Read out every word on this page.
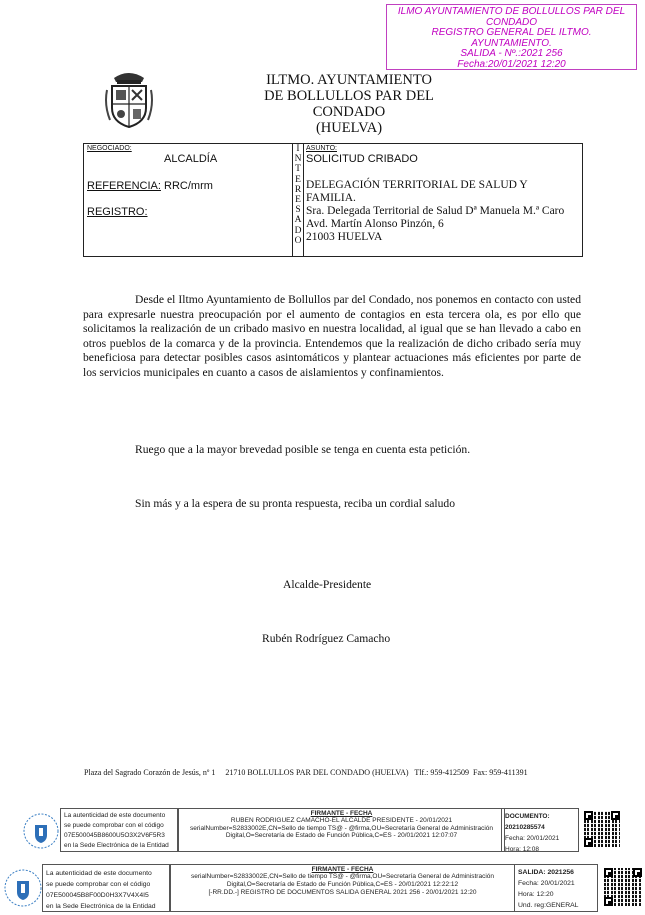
ILMO AYUNTAMIENTO DE BOLLULLOS PAR DEL
CONDADO
REGISTRO GENERAL DEL ILTMO.
AYUNTAMIENTO.
SALIDA - Nº.:2021 256
Fecha:20/01/2021 12:20
ILTMO. AYUNTAMIENTO
DE BOLLULLOS PAR DEL CONDADO
(HUELVA)
NEGOCIADO:
ALCALDÍA
REFERENCIA: RRC/mrm
REGISTRO:
I
N
T
E
R
E
S
A
D
O
ASUNTO:
SOLICITUD CRIBADO
DELEGACIÓN TERRITORIAL DE SALUD Y
FAMILIA.
Sra. Delegada Territorial de Salud Dª Manuela M.ª Caro
Avd. Martín Alonso Pinzón, 6
21003 HUELVA

Desde el Iltmo Ayuntamiento de Bollullos par del Condado, nos ponemos en contacto con usted para expresarle nuestra preocupación por el aumento de contagios en esta tercera ola, es por ello que solicitamos la realización de un cribado masivo en nuestra localidad, al igual que se han llevado a cabo en otros pueblos de la comarca y de la provincia. Entendemos que la realización de dicho cribado sería muy beneficiosa para detectar posibles casos asintomáticos y plantear actuaciones más eficientes por parte de los servicios municipales en cuanto a casos de aislamientos y confinamientos.

Ruego que a la mayor brevedad posible se tenga en cuenta esta petición.
Sin más y a la espera de su pronta respuesta, reciba un cordial saludo
Alcalde-Presidente
Rubén Rodríguez Camacho
Plaza del Sagrado Corazón de Jesús, nº 1     21710 BOLLULLOS PAR DEL CONDADO (HUELVA)   Tlf.: 959-412509  Fax: 959-411391
La autenticidad de este documento
se puede comprobar con el código
07E500045B8600U5O3X2V6F5R3
en la Sede Electrónica de la Entidad
FIRMANTE - FECHA
RUBEN RODRIGUEZ CAMACHO-EL ALCALDE PRESIDENTE - 20/01/2021
serialNumber=S2833002E,CN=Sello de tiempo TS@ - @firma,OU=Secretaría General de Administración
Digital,O=Secretaría de Estado de Función Pública,C=ES - 20/01/2021 12:07:07
DOCUMENTO: 20210285574
Fecha: 20/01/2021
Hora: 12:08
La autenticidad de este documento
se puede comprobar con el código
07E500045B8F00D0H3X7V4X4I5
en la Sede Electrónica de la Entidad
FIRMANTE - FECHA
serialNumber=S2833002E,CN=Sello de tiempo TS@ - @firma,OU=Secretaría General de Administración
Digital,O=Secretaría de Estado de Función Pública,C=ES - 20/01/2021 12:22:12
[-RR.DD.-] REGISTRO DE DOCUMENTOS SALIDA GENERAL 2021 256 - 20/01/2021 12:20
SALIDA: 2021256
Fecha: 20/01/2021
Hora: 12:20
Und. reg:GENERAL
